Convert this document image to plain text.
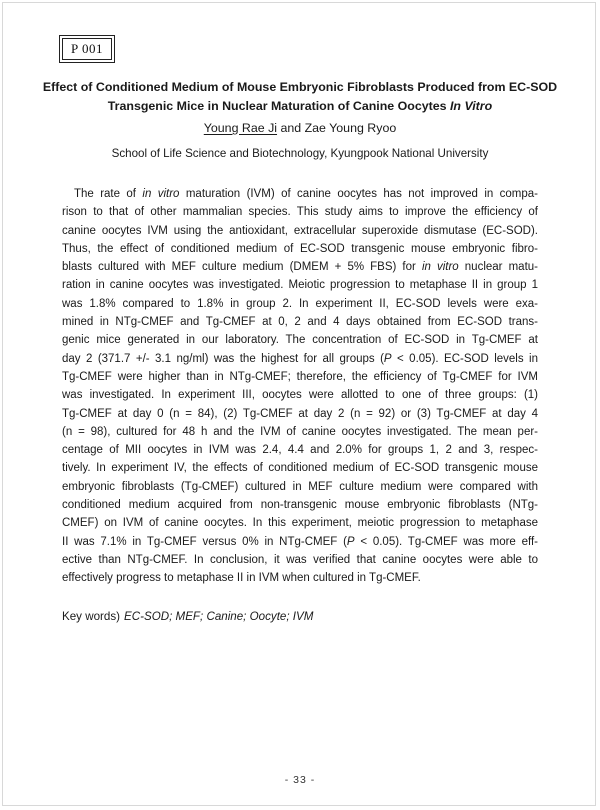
P 001
Effect of Conditioned Medium of Mouse Embryonic Fibroblasts Produced from EC-SOD
Transgenic Mice in Nuclear Maturation of Canine Oocytes In Vitro
Young Rae Ji and Zae Young Ryoo
School of Life Science and Biotechnology, Kyungpook National University
The rate of in vitro maturation (IVM) of canine oocytes has not improved in compa-
rison to that of other mammalian species. This study aims to improve the efficiency of
canine oocytes IVM using the antioxidant, extracellular superoxide dismutase (EC-SOD).
Thus, the effect of conditioned medium of EC-SOD transgenic mouse embryonic fibro-
blasts cultured with MEF culture medium (DMEM + 5% FBS) for in vitro nuclear matu-
ration in canine oocytes was investigated. Meiotic progression to metaphase II in group 1
was 1.8% compared to 1.8% in group 2. In experiment II, EC-SOD levels were exa-
mined in NTg-CMEF and Tg-CMEF at 0, 2 and 4 days obtained from EC-SOD trans-
genic mice generated in our laboratory. The concentration of EC-SOD in Tg-CMEF at
day 2 (371.7 +/- 3.1 ng/ml) was the highest for all groups (P < 0.05). EC-SOD levels in
Tg-CMEF were higher than in NTg-CMEF; therefore, the efficiency of Tg-CMEF for IVM
was investigated. In experiment III, oocytes were allotted to one of three groups: (1)
Tg-CMEF at day 0 (n = 84), (2) Tg-CMEF at day 2 (n = 92) or (3) Tg-CMEF at day 4
(n = 98), cultured for 48 h and the IVM of canine oocytes investigated. The mean per-
centage of MII oocytes in IVM was 2.4, 4.4 and 2.0% for groups 1, 2 and 3, respec-
tively. In experiment IV, the effects of conditioned medium of EC-SOD transgenic mouse
embryonic fibroblasts (Tg-CMEF) cultured in MEF culture medium were compared with
conditioned medium acquired from non-transgenic mouse embryonic fibroblasts (NTg-
CMEF) on IVM of canine oocytes. In this experiment, meiotic progression to metaphase
II was 7.1% in Tg-CMEF versus 0% in NTg-CMEF (P < 0.05). Tg-CMEF was more eff-
ective than NTg-CMEF. In conclusion, it was verified that canine oocytes were able to
effectively progress to metaphase II in IVM when cultured in Tg-CMEF.
Key words) EC-SOD; MEF; Canine; Oocyte; IVM
- 33 -
